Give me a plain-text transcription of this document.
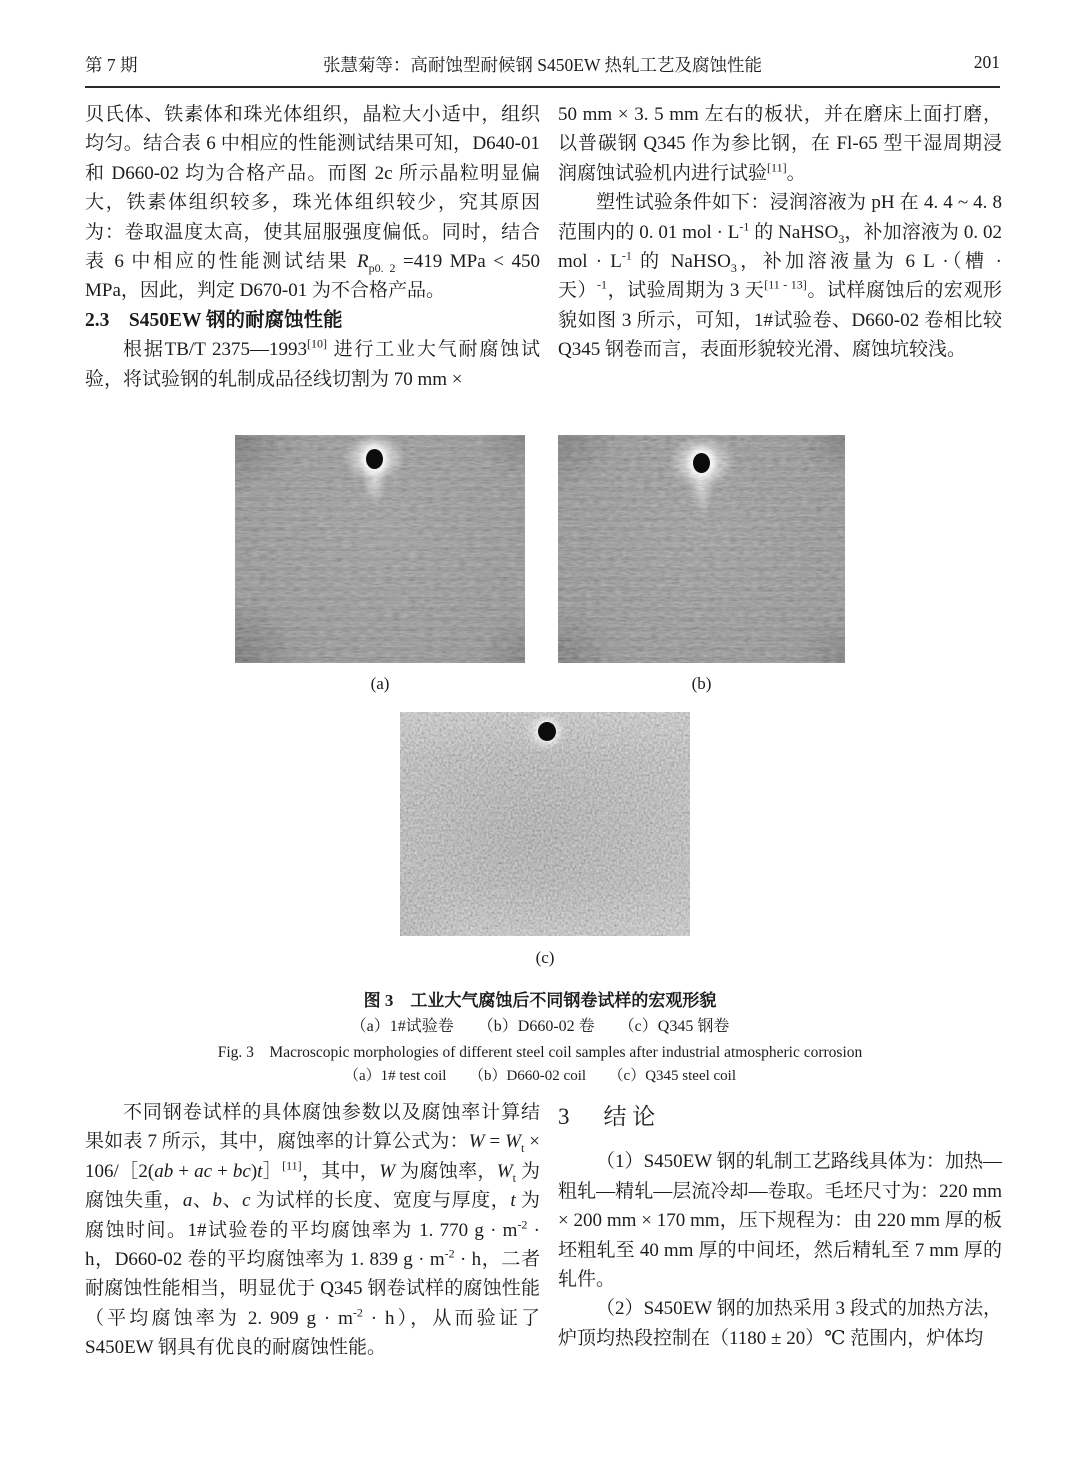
第 7 期	张慧菊等：高耐蚀型耐候钢 S450EW 热轧工艺及腐蚀性能	201

贝氏体、铁素体和珠光体组织，晶粒大小适中，组织均匀。结合表 6 中相应的性能测试结果可知，D640-01 和 D660-02 均为合格产品。而图 2c 所示晶粒明显偏大，铁素体组织较多，珠光体组织较少，究其原因为：卷取温度太高，使其屈服强度偏低。同时，结合表 6 中相应的性能测试结果 $R_{p0. 2} =419$ MPa < 450 MPa，因此，判定 D670-01 为不合格产品。

2.3　S450EW 钢的耐腐蚀性能

根据TB/T 2375—1993[10] 进行工业大气耐腐蚀试验，将试验钢的轧制成品径线切割为 70 mm ×

50 mm × 3. 5 mm 左右的板状，并在磨床上面打磨，以普碳钢 Q345 作为参比钢，在 Fl-65 型干湿周期浸润腐蚀试验机内进行试验[11]。

塑性试验条件如下：浸润溶液为 pH 在 4. 4 ~ 4. 8 范围内的 0. 01 mol · $L^{-1}$ 的 NaHSO$_3$，补加溶液为 0. 02 mol · $L^{-1}$ 的 NaHSO$_3$，补加溶液量为 6 L ·（槽 · 天）$^{-1}$，试验周期为 3 天[11 - 13]。试样腐蚀后的宏观形貌如图 3 所示，可知，1#试验卷、D660-02 卷相比较 Q345 钢卷而言，表面形貌较光滑、腐蚀坑较浅。

(a)	(b)
(c)
图 3　工业大气腐蚀后不同钢卷试样的宏观形貌
（a）1#试验卷　　（b）D660-02 卷　　（c）Q345 钢卷
Fig. 3　Macroscopic morphologies of different steel coil samples after industrial atmospheric corrosion
（a）1# test coil　　（b）D660-02 coil　　（c）Q345 steel coil

不同钢卷试样的具体腐蚀参数以及腐蚀率计算结果如表 7 所示，其中，腐蚀率的计算公式为：$W = W_t$ × 106/［2(ab + ac + bc)t］[11]，其中，W 为腐蚀率，$W_t$ 为腐蚀失重，a、b、c 为试样的长度、宽度与厚度，t 为腐蚀时间。1#试验卷的平均腐蚀率为 1. 770 $g \cdot m^{-2} \cdot h$，D660-02 卷的平均腐蚀率为 1. 839 $g \cdot m^{-2} \cdot h$，二者耐腐蚀性能相当，明显优于 Q345 钢卷试样的腐蚀性能（平均腐蚀率为 2. 909 $g \cdot m^{-2} \cdot h$），从而验证了 S450EW 钢具有优良的耐腐蚀性能。

3 结 论

（1）S450EW 钢的轧制工艺路线具体为：加热—粗轧—精轧—层流冷却—卷取。毛坯尺寸为：220 mm × 200 mm × 170 mm，压下规程为：由 220 mm 厚的板坯粗轧至 40 mm 厚的中间坯，然后精轧至 7 mm 厚的轧件。

（2）S450EW 钢的加热采用 3 段式的加热方法，炉顶均热段控制在（1180 ± 20）℃ 范围内，炉体均
